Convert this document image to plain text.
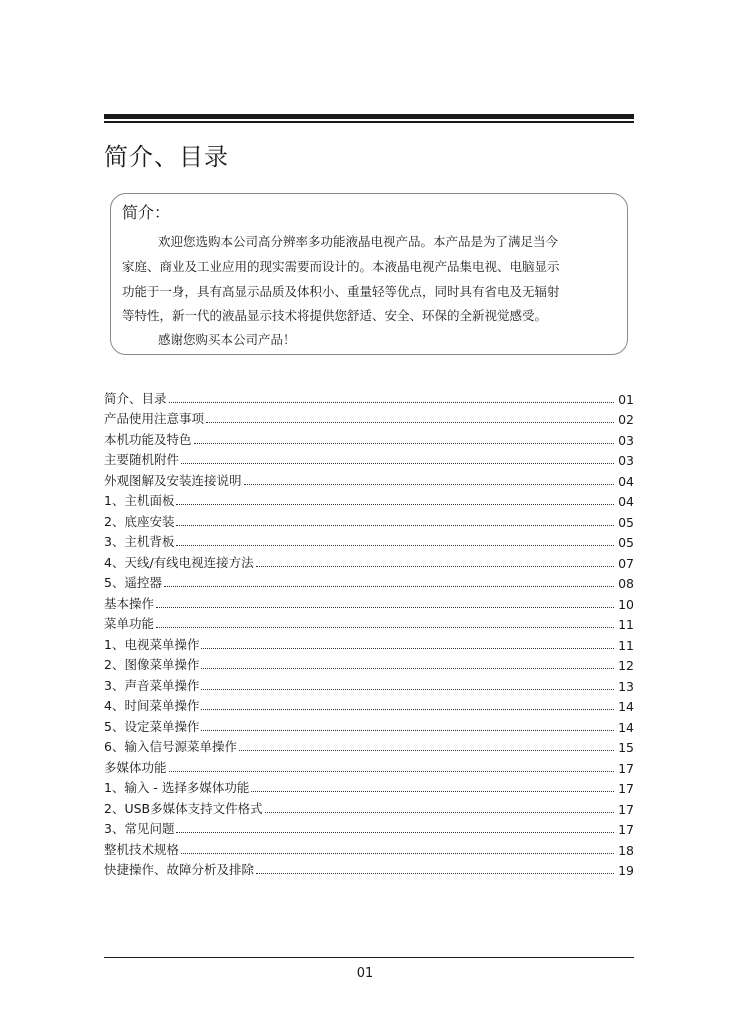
简介、目录
简介：
欢迎您选购本公司高分辨率多功能液晶电视产品。本产品是为了满足当今
家庭、商业及工业应用的现实需要而设计的。本液晶电视产品集电视、电脑显示
功能于一身，具有高显示品质及体积小、重量轻等优点，同时具有省电及无辐射
等特性，新一代的液晶显示技术将提供您舒适、安全、环保的全新视觉感受。
感谢您购买本公司产品！
简介、目录	01
产品使用注意事项	02
本机功能及特色	03
主要随机附件	03
外观图解及安装连接说明	04
1、主机面板	04
2、底座安装	05
3、主机背板	05
4、天线/有线电视连接方法	07
5、遥控器	08
基本操作	10
菜单功能	11
1、电视菜单操作	11
2、图像菜单操作	12
3、声音菜单操作	13
4、时间菜单操作	14
5、设定菜单操作	14
6、输入信号源菜单操作	15
多媒体功能	17
1、输入 - 选择多媒体功能	17
2、USB多媒体支持文件格式	17
3、常见问题	17
整机技术规格	18
快捷操作、故障分析及排除	19
01
